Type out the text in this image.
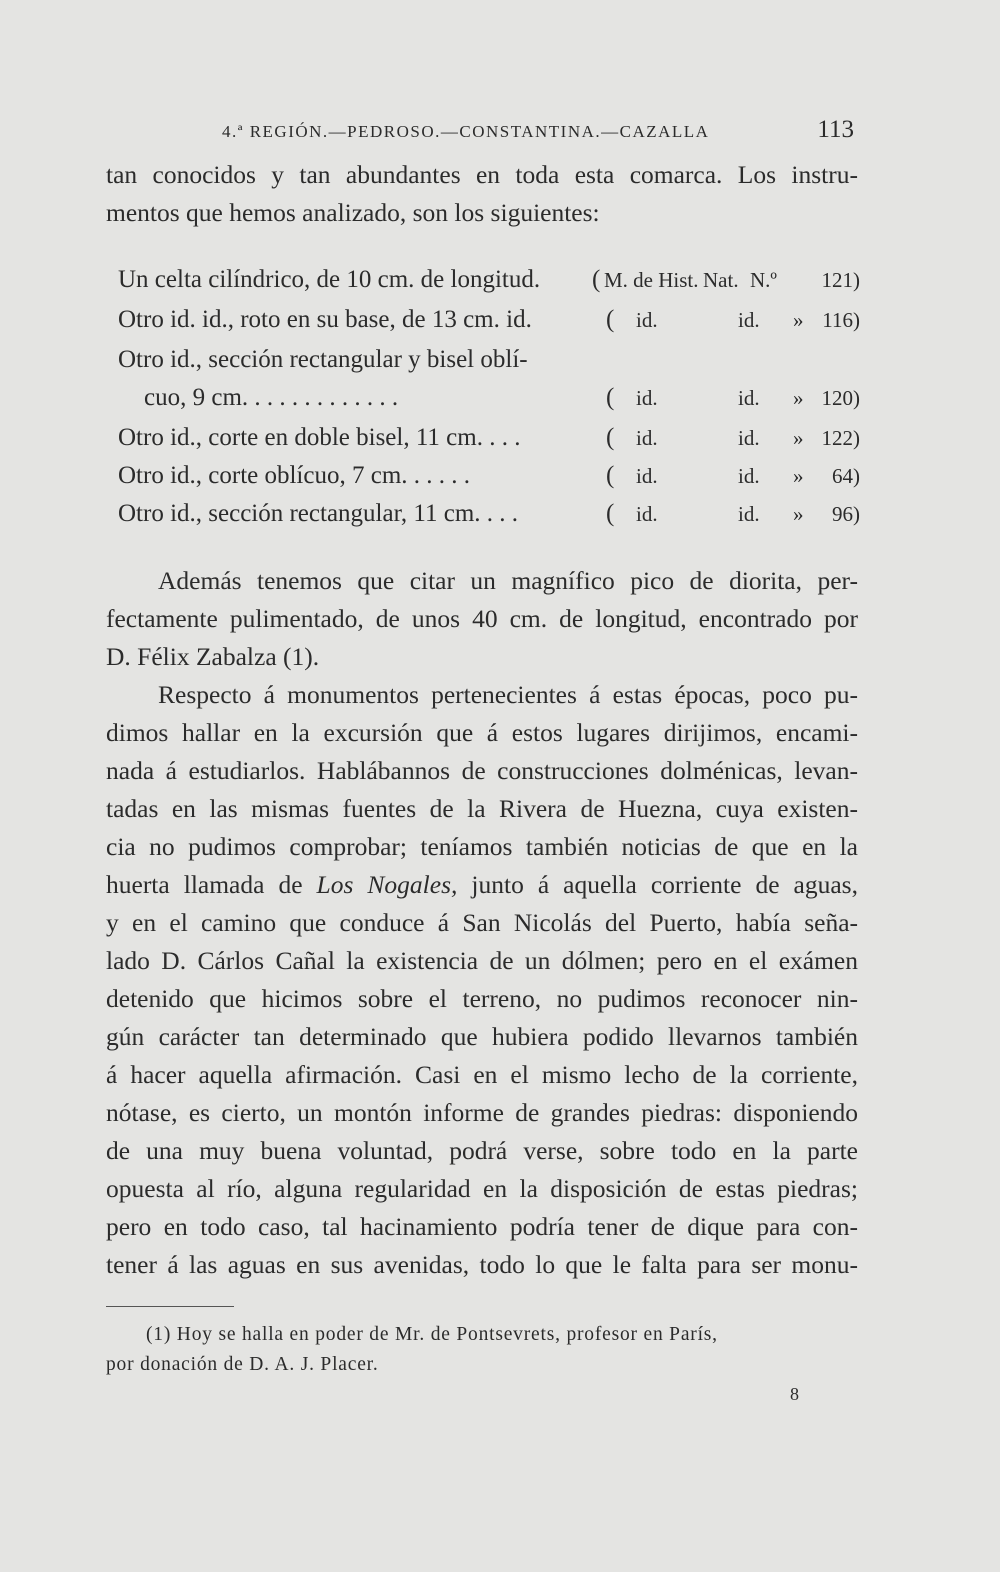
4.ª REGIÓN.—PEDROSO.—CONSTANTINA.—CAZALLA	113
tan conocidos y tan abundantes en toda esta comarca. Los instru-
mentos que hemos analizado, son los siguientes:
Un celta cilíndrico, de 10 cm. de longitud. ( M. de Hist. Nat. N.º	121)
Otro id. id., roto en su base, de 13 cm. id.	( id.	id. » 116)
Otro id., sección rectangular y bisel oblí-
cuo, 9 cm. . . . . . . . . . . . .	( id.	id. » 120)
Otro id., corte en doble bisel, 11 cm. . . .	( id.	id. » 122)
Otro id., corte oblícuo, 7 cm. . . . . .	( id.	id. »	64)
Otro id., sección rectangular, 11 cm. . . .	( id.	id. »	96)
Además tenemos que citar un magnífico pico de diorita, per-
fectamente pulimentado, de unos 40 cm. de longitud, encontrado por
D. Félix Zabalza (1).
Respecto á monumentos pertenecientes á estas épocas, poco pu-
dimos hallar en la excursión que á estos lugares dirijimos, encami-
nada á estudiarlos. Hablábannos de construcciones dolménicas, levan-
tadas en las mismas fuentes de la Rivera de Huezna, cuya existen-
cia no pudimos comprobar; teníamos también noticias de que en la
huerta llamada de Los Nogales, junto á aquella corriente de aguas,
y en el camino que conduce á San Nicolás del Puerto, había seña-
lado D. Cárlos Cañal la existencia de un dólmen; pero en el exámen
detenido que hicimos sobre el terreno, no pudimos reconocer nin-
gún carácter tan determinado que hubiera podido llevarnos también
á hacer aquella afirmación. Casi en el mismo lecho de la corriente,
nótase, es cierto, un montón informe de grandes piedras: disponiendo
de una muy buena voluntad, podrá verse, sobre todo en la parte
opuesta al río, alguna regularidad en la disposición de estas piedras;
pero en todo caso, tal hacinamiento podría tener de dique para con-
tener á las aguas en sus avenidas, todo lo que le falta para ser monu-
(1) Hoy se halla en poder de Mr. de Pontsevrets, profesor en París,
por donación de D. A. J. Placer.
8
